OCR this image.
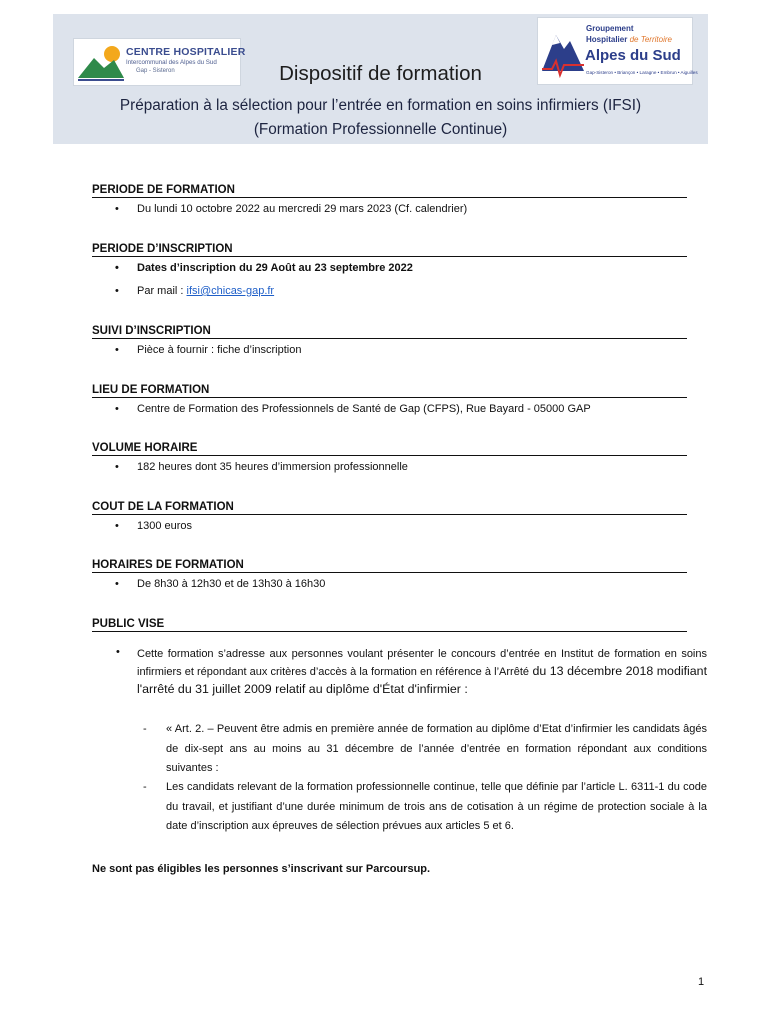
CENTRE HOSPITALIER
Intercommunal des Alpes du Sud
Gap - Sisteron
Groupement
Hospitalier de Territoire
Alpes du Sud
Gap-Sisteron • Briançon • Laragne • Embrun • Aiguilles
Dispositif de formation
Préparation à la sélection pour l’entrée en formation en soins infirmiers (IFSI)
(Formation Professionnelle Continue)
PERIODE DE FORMATION
• Du lundi 10 octobre 2022 au mercredi 29 mars 2023 (Cf. calendrier)
PERIODE D’INSCRIPTION
• Dates d’inscription du 29 Août au 23 septembre 2022
• Par mail : ifsi@chicas-gap.fr
SUIVI D’INSCRIPTION
• Pièce à fournir : fiche d’inscription
LIEU DE FORMATION
• Centre de Formation des Professionnels de Santé de Gap (CFPS), Rue Bayard - 05000 GAP
VOLUME HORAIRE
• 182 heures dont 35 heures d’immersion professionnelle
COUT DE LA FORMATION
• 1300 euros
HORAIRES DE FORMATION
• De 8h30 à 12h30 et de 13h30 à 16h30
PUBLIC VISE
• Cette formation s’adresse aux personnes voulant présenter le concours d’entrée en Institut de formation en soins infirmiers et répondant aux critères d’accès à la formation en référence à l’Arrêté du 13 décembre 2018 modifiant l'arrêté du 31 juillet 2009 relatif au diplôme d'État d'infirmier :
- « Art. 2. – Peuvent être admis en première année de formation au diplôme d’Etat d’infirmier les candidats âgés de dix-sept ans au moins au 31 décembre de l’année d’entrée en formation répondant aux conditions suivantes :
- Les candidats relevant de la formation professionnelle continue, telle que définie par l’article L. 6311-1 du code du travail, et justifiant d’une durée minimum de trois ans de cotisation à un régime de protection sociale à la date d’inscription aux épreuves de sélection prévues aux articles 5 et 6.
Ne sont pas éligibles les personnes s’inscrivant sur Parcoursup.
1
